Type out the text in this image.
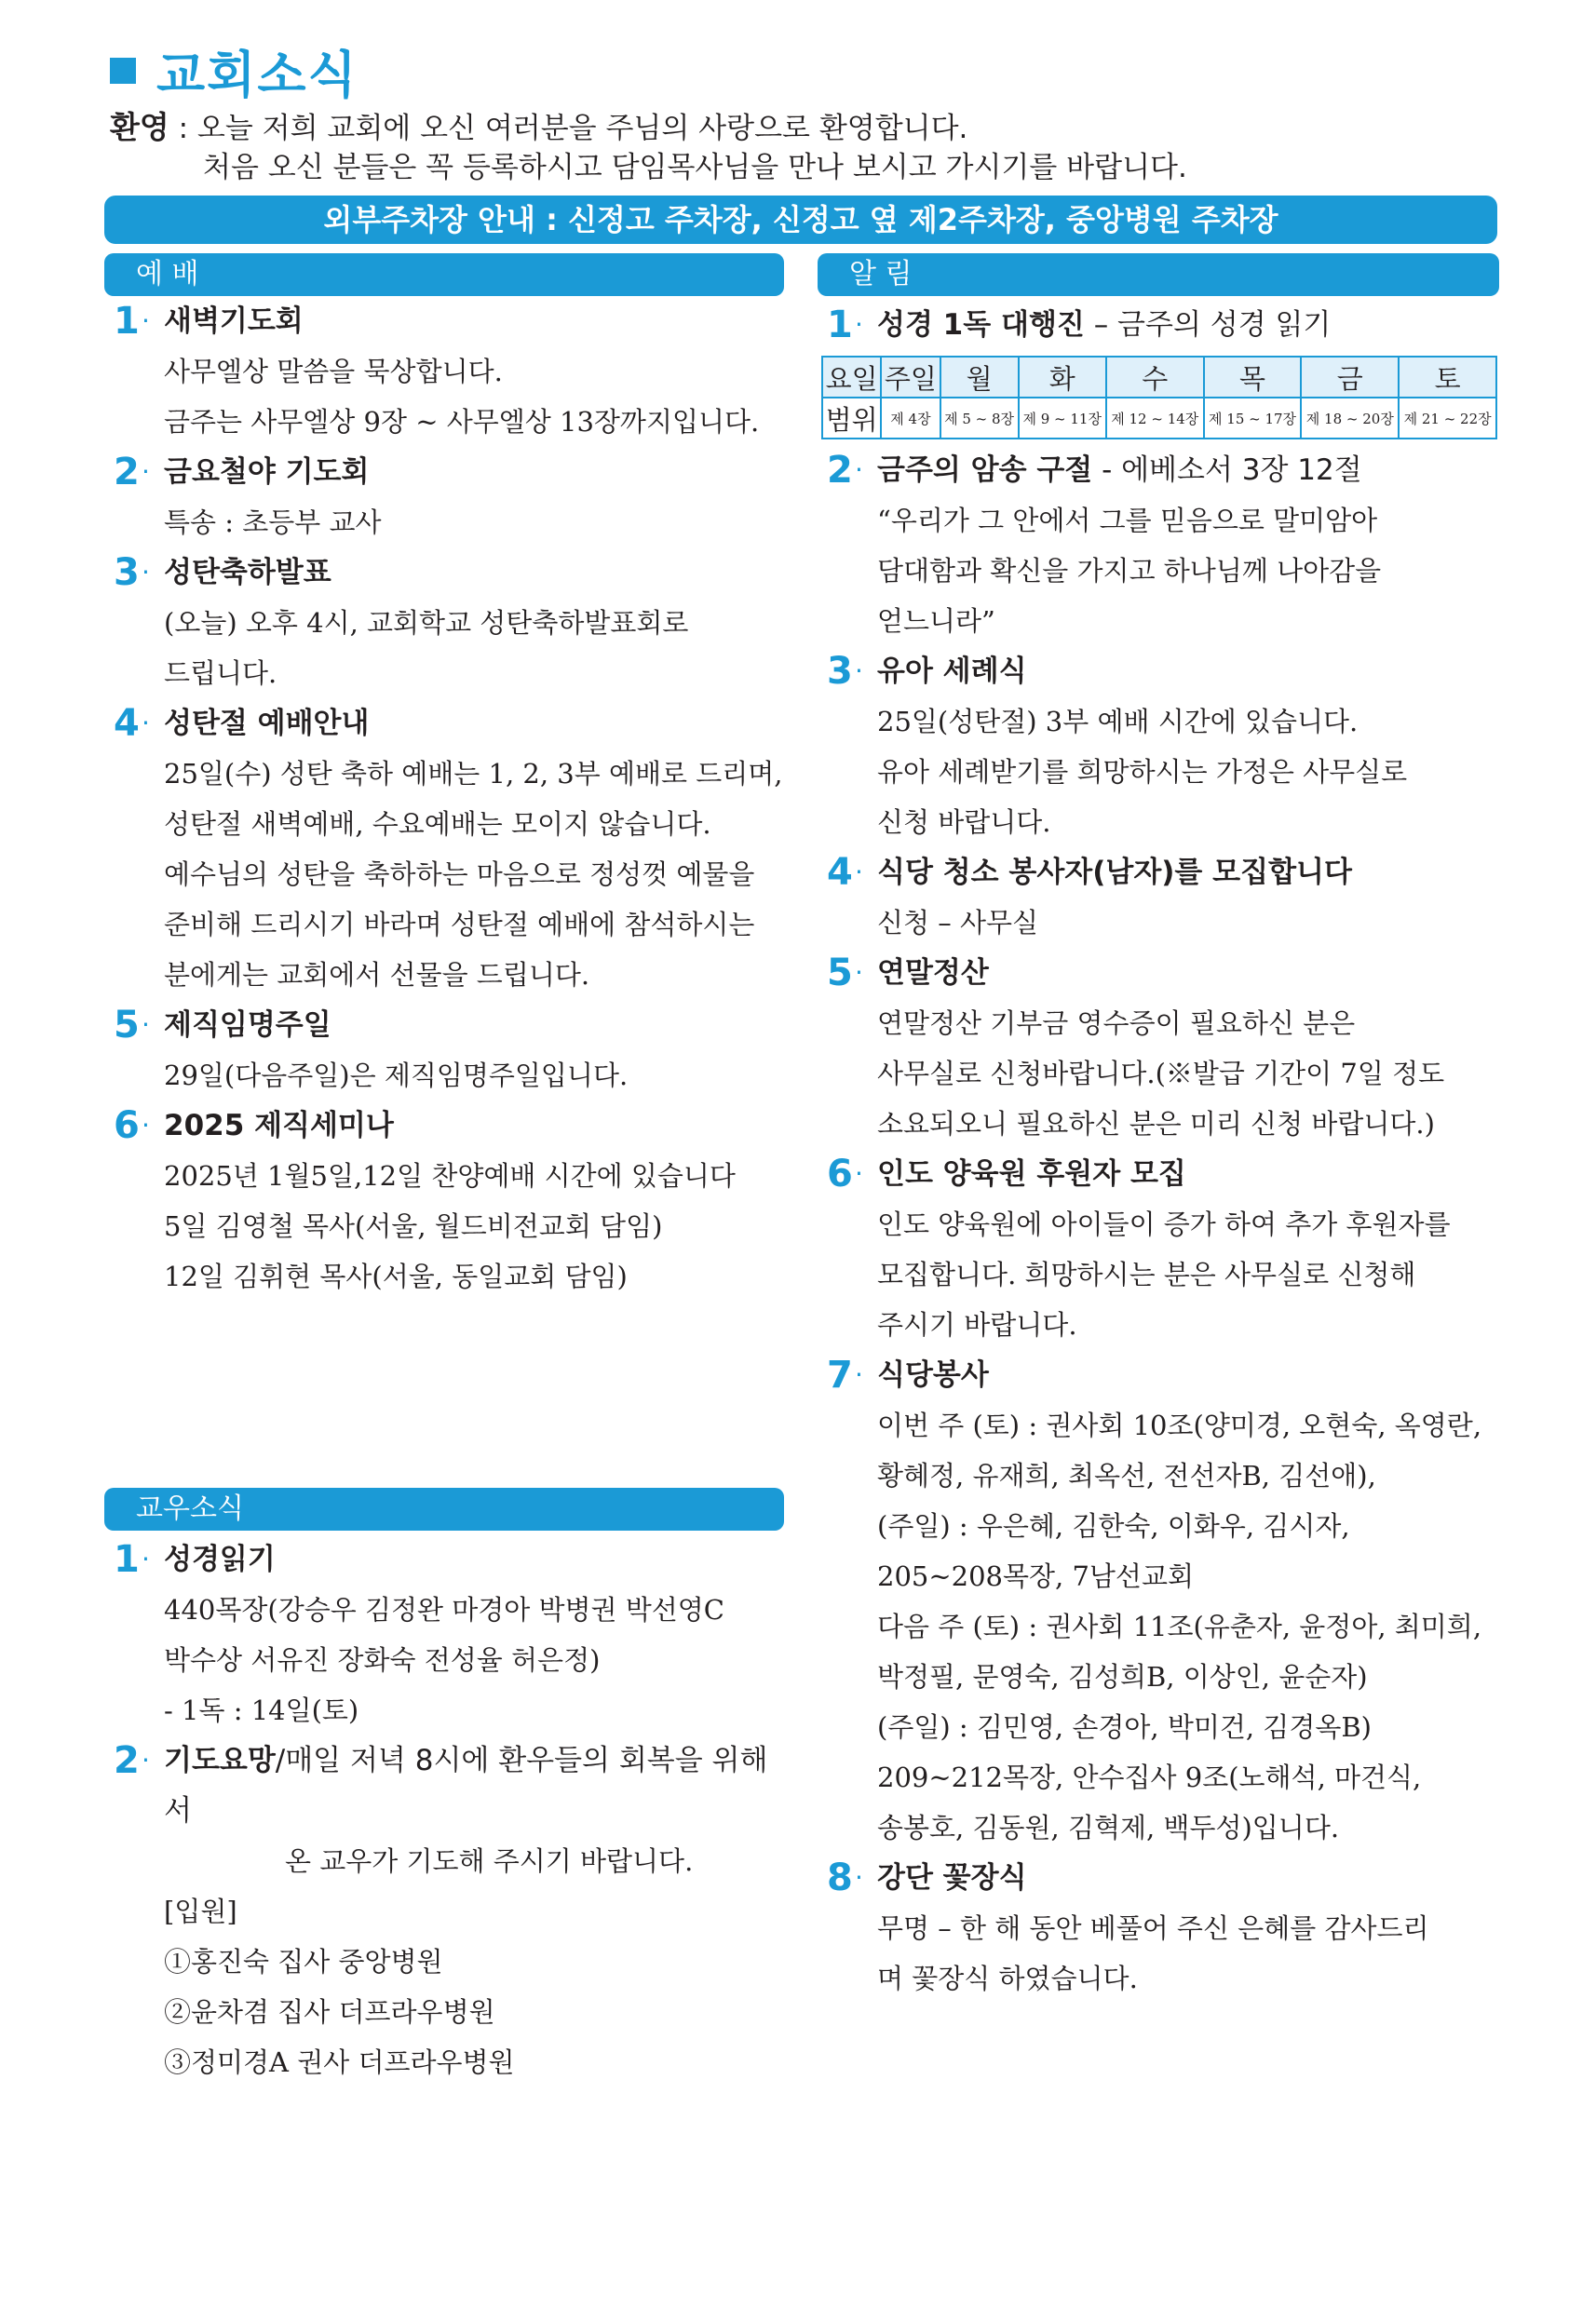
교회소식
환영 : 오늘 저희 교회에 오신 여러분을 주님의 사랑으로 환영합니다.
처음 오신 분들은 꼭 등록하시고 담임목사님을 만나 보시고 가시기를 바랍니다.
외부주차장 안내 : 신정고 주차장, 신정고 옆 제2주차장, 중앙병원 주차장
예 배
1 · 새벽기도회

사무엘상 말씀을 묵상합니다.

금주는 사무엘상 9장 ~ 사무엘상 13장까지입니다.

2 · 금요철야 기도회

특송 : 초등부 교사

3 · 성탄축하발표

(오늘) 오후 4시, 교회학교 성탄축하발표회로

드립니다.

4 · 성탄절 예배안내

25일(수) 성탄 축하 예배는 1, 2, 3부 예배로 드리며,

성탄절 새벽예배, 수요예배는 모이지 않습니다.

예수님의 성탄을 축하하는 마음으로 정성껏 예물을

준비해 드리시기 바라며 성탄절 예배에 참석하시는

분에게는 교회에서 선물을 드립니다.

5 · 제직임명주일

29일(다음주일)은 제직임명주일입니다.

6 · 2025 제직세미나

2025년 1월5일,12일 찬양예배 시간에 있습니다

5일 김영철 목사(서울, 월드비전교회 담임)

12일 김휘현 목사(서울, 동일교회 담임)

교우소식
1 · 성경읽기

440목장(강승우 김정완 마경아 박병권 박선영C

박수상 서유진 장화숙 전성율 허은정)

- 1독 : 14일(토)

2 · 기도요망/매일 저녁 8시에 환우들의 회복을 위해서

온 교우가 기도해 주시기 바랍니다.

[입원]

①홍진숙 집사 중앙병원

②윤차겸 집사 더프라우병원

③정미경A 권사 더프라우병원

알 림
1 · 성경 1독 대행진 – 금주의 성경 읽기
요일	주일	월	화	수	목	금	토
범위	제 4장	제 5 ~ 8장	제 9 ~ 11장	제 12 ~ 14장	제 15 ~ 17장	제 18 ~ 20장	제 21 ~ 22장
2 · 금주의 암송 구절 - 에베소서 3장 12절

“우리가 그 안에서 그를 믿음으로 말미암아

담대함과 확신을 가지고 하나님께 나아감을

얻느니라”

3 · 유아 세례식

25일(성탄절) 3부 예배 시간에 있습니다.

유아 세례받기를 희망하시는 가정은 사무실로

신청 바랍니다.

4 · 식당 청소 봉사자(남자)를 모집합니다

신청 – 사무실

5 · 연말정산

연말정산 기부금 영수증이 필요하신 분은

사무실로 신청바랍니다.(※발급 기간이 7일 정도

소요되오니 필요하신 분은 미리 신청 바랍니다.)

6 · 인도 양육원 후원자 모집

인도 양육원에 아이들이 증가 하여 추가 후원자를

모집합니다. 희망하시는 분은 사무실로 신청해

주시기 바랍니다.

7 · 식당봉사

이번 주 (토) : 권사회 10조(양미경, 오현숙, 옥영란,

황혜정, 유재희, 최옥선, 전선자B, 김선애),

(주일) : 우은혜, 김한숙, 이화우, 김시자,

205~208목장, 7남선교회

다음 주 (토) : 권사회 11조(유춘자, 윤정아, 최미희,

박정필, 문영숙, 김성희B, 이상인, 윤순자)

(주일) : 김민영, 손경아, 박미건, 김경옥B)

209~212목장, 안수집사 9조(노해석, 마건식,

송봉호, 김동원, 김혁제, 백두성)입니다.

8 · 강단 꽃장식

무명 – 한 해 동안 베풀어 주신 은혜를 감사드리

며 꽃장식 하였습니다.
